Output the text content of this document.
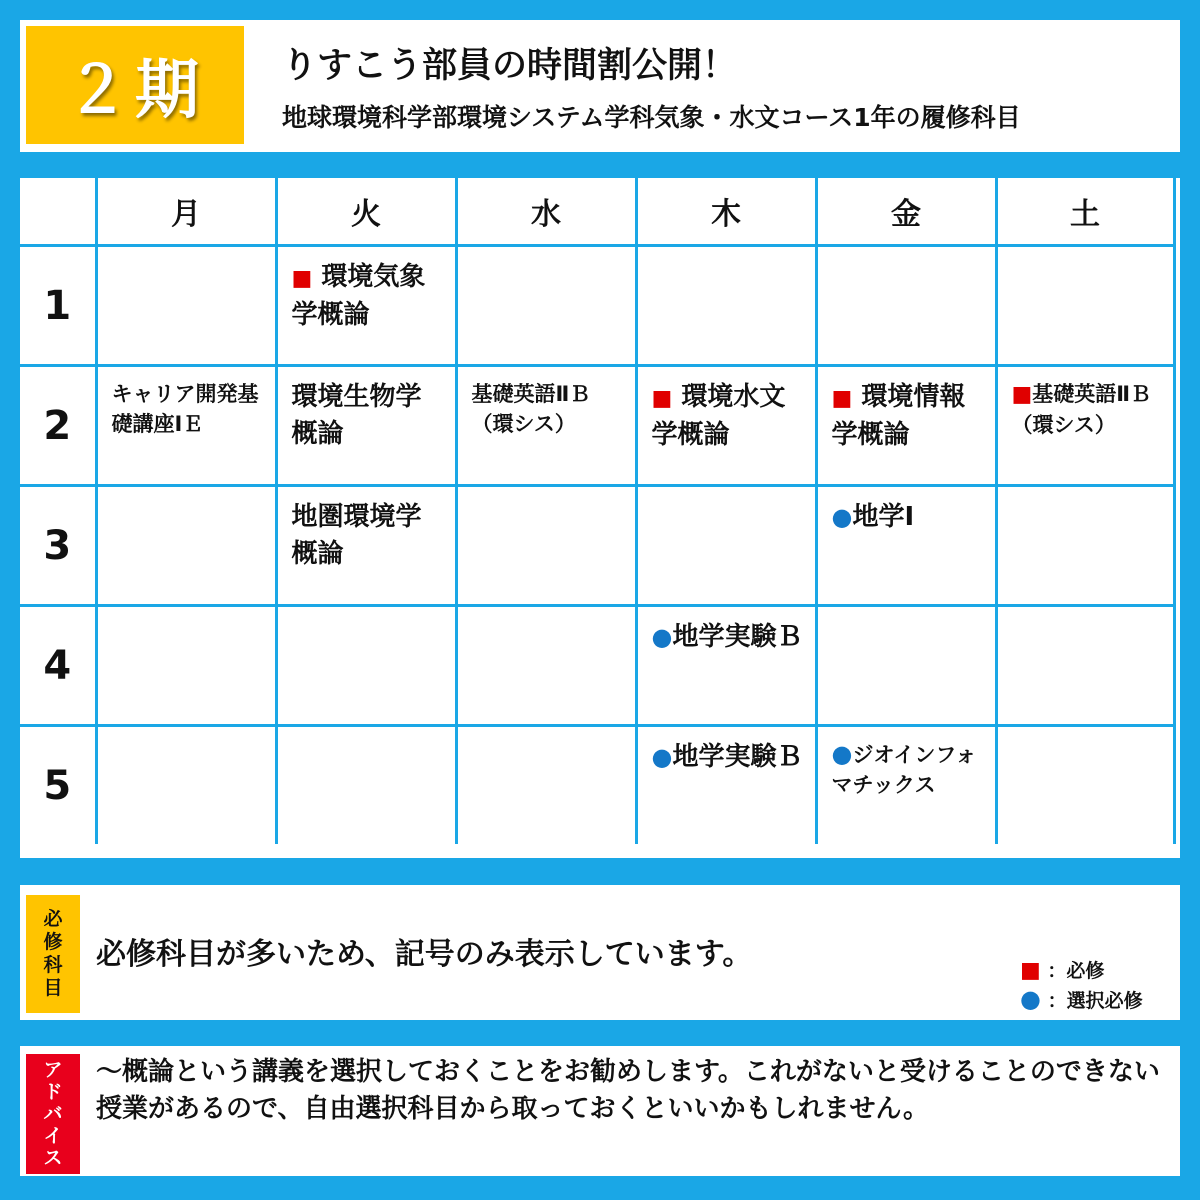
２期	りすこう部員の時間割公開！
地球環境科学部環境システム学科気象・水文コース1年の履修科目
	月	火	水	木	金	土
1		■ 環境気象学概論				

2	キャリア開発基礎講座ⅠＥ	環境生物学概論	基礎英語ⅡＢ（環シス）	■ 環境水文学概論	■ 環境情報学概論	■基礎英語ⅡＢ（環シス）

3		地圏環境学概論			●地学Ⅰ	

4				●地学実験Ｂ		

5				●地学実験Ｂ	●ジオインフォマチックス	

必
修
科
目
必修科目が多いため、記号のみ表示しています。	■ ：必修
● ：選択必修
ア
ド
バ
イ
ス
～概論という講義を選択しておくことをお勧めします。これがないと受けることのできない授業があるので、自由選択科目から取っておくといいかもしれません。
